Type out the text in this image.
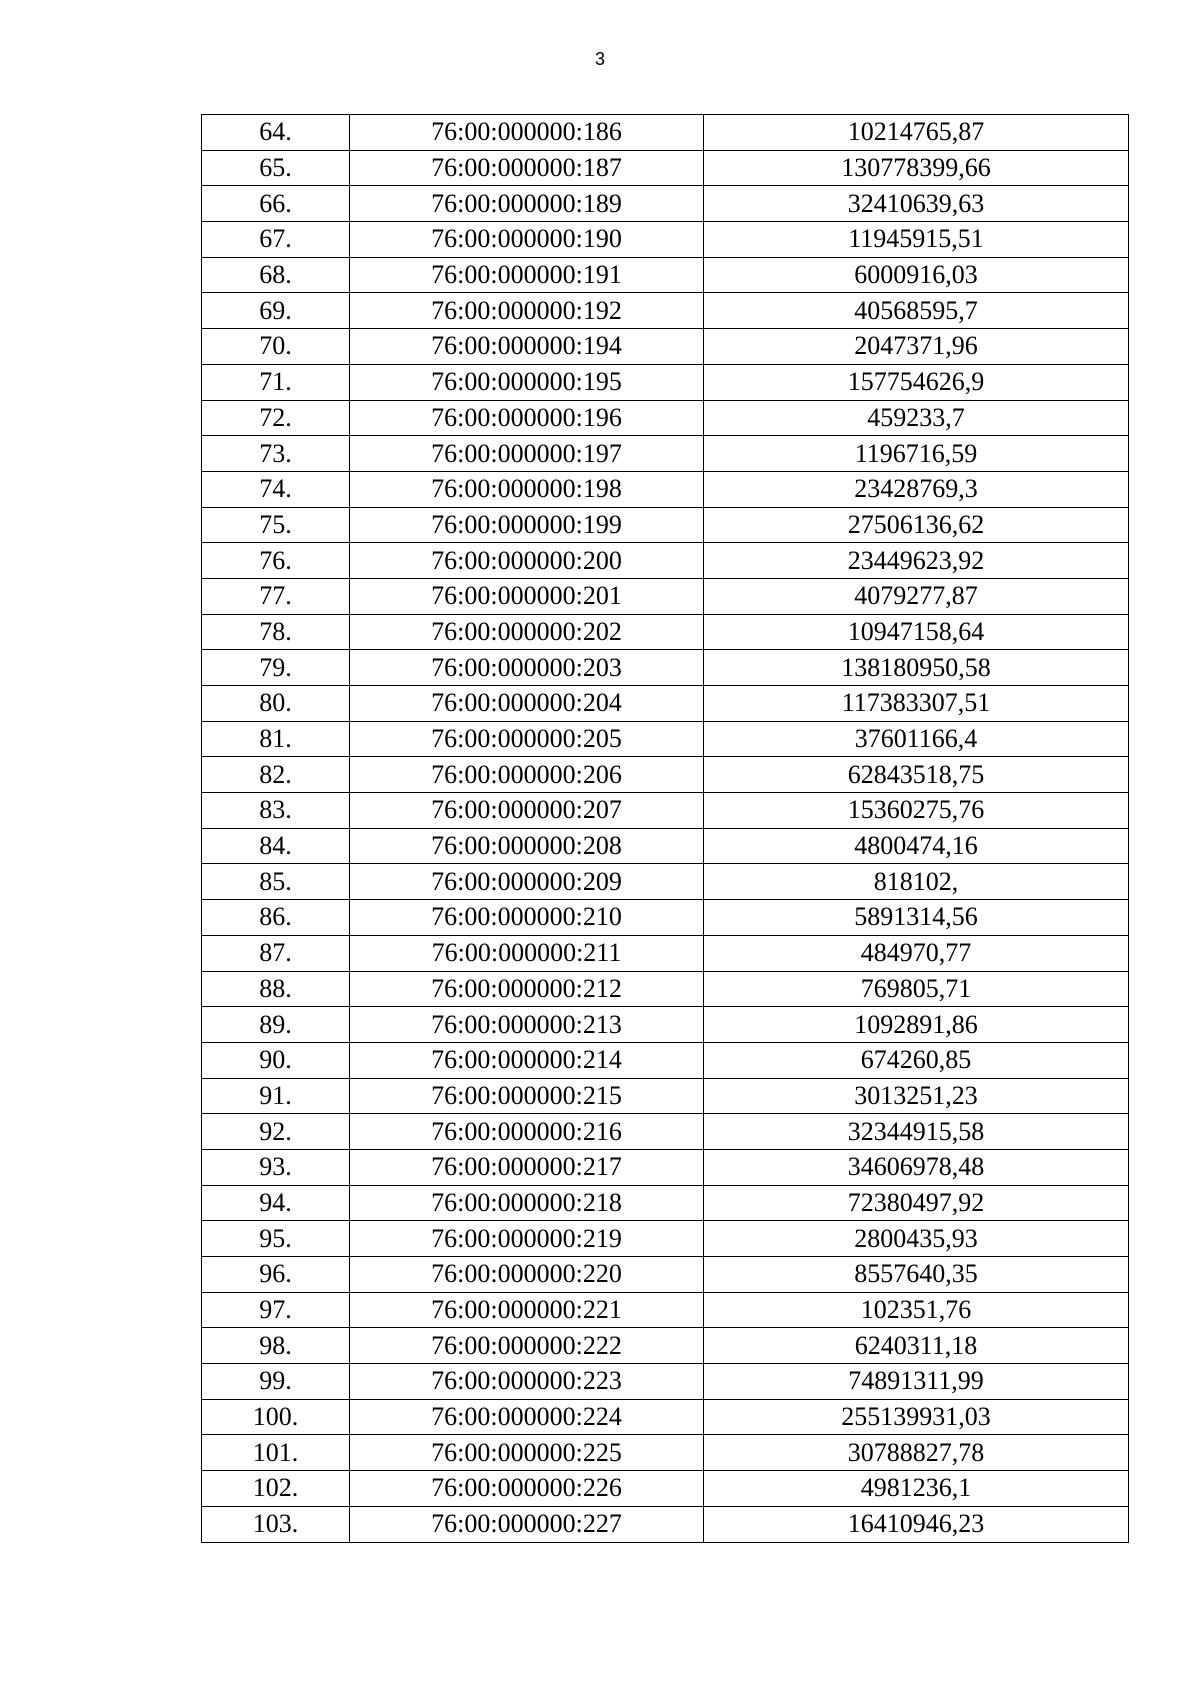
3
64.	76:00:000000:186	10214765,87
65.	76:00:000000:187	130778399,66
66.	76:00:000000:189	32410639,63
67.	76:00:000000:190	11945915,51
68.	76:00:000000:191	6000916,03
69.	76:00:000000:192	40568595,7
70.	76:00:000000:194	2047371,96
71.	76:00:000000:195	157754626,9
72.	76:00:000000:196	459233,7
73.	76:00:000000:197	1196716,59
74.	76:00:000000:198	23428769,3
75.	76:00:000000:199	27506136,62
76.	76:00:000000:200	23449623,92
77.	76:00:000000:201	4079277,87
78.	76:00:000000:202	10947158,64
79.	76:00:000000:203	138180950,58
80.	76:00:000000:204	117383307,51
81.	76:00:000000:205	37601166,4
82.	76:00:000000:206	62843518,75
83.	76:00:000000:207	15360275,76
84.	76:00:000000:208	4800474,16
85.	76:00:000000:209	818102,
86.	76:00:000000:210	5891314,56
87.	76:00:000000:211	484970,77
88.	76:00:000000:212	769805,71
89.	76:00:000000:213	1092891,86
90.	76:00:000000:214	674260,85
91.	76:00:000000:215	3013251,23
92.	76:00:000000:216	32344915,58
93.	76:00:000000:217	34606978,48
94.	76:00:000000:218	72380497,92
95.	76:00:000000:219	2800435,93
96.	76:00:000000:220	8557640,35
97.	76:00:000000:221	102351,76
98.	76:00:000000:222	6240311,18
99.	76:00:000000:223	74891311,99
100.	76:00:000000:224	255139931,03
101.	76:00:000000:225	30788827,78
102.	76:00:000000:226	4981236,1
103.	76:00:000000:227	16410946,23
